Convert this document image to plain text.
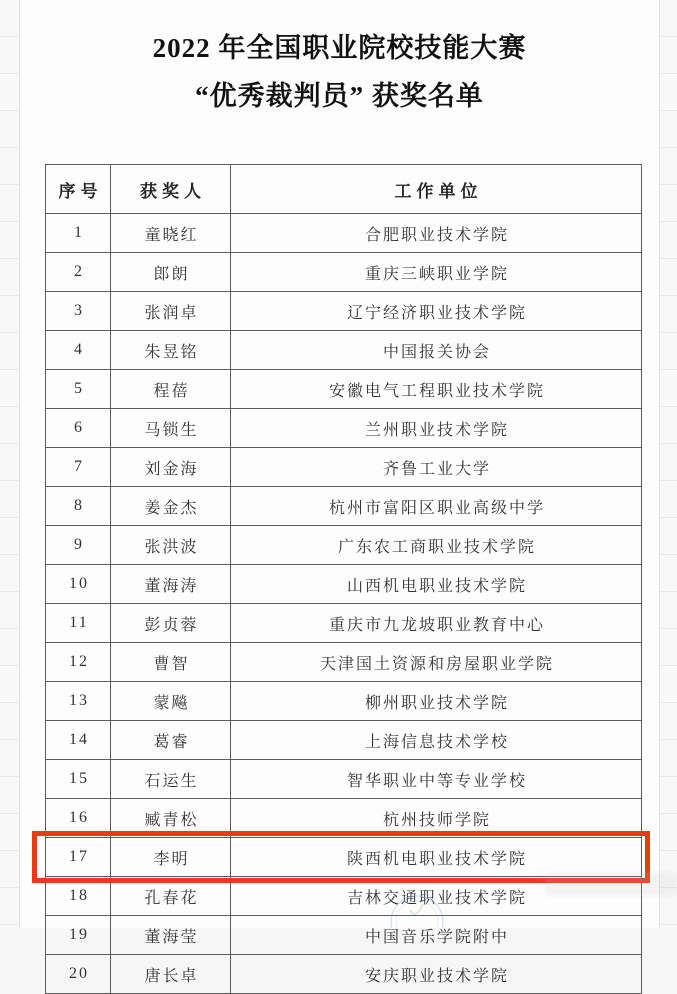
2022 年全国职业院校技能大赛
“优秀裁判员” 获奖名单
序号	获奖人	工作单位
1	童晓红	合肥职业技术学院
2	郎朗	重庆三峡职业学院
3	张润卓	辽宁经济职业技术学院
4	朱昱铭	中国报关协会
5	程蓓	安徽电气工程职业技术学院
6	马锁生	兰州职业技术学院
7	刘金海	齐鲁工业大学
8	姜金杰	杭州市富阳区职业高级中学
9	张洪波	广东农工商职业技术学院
10	董海涛	山西机电职业技术学院
11	彭贞蓉	重庆市九龙坡职业教育中心
12	曹智	天津国土资源和房屋职业学院
13	蒙飚	柳州职业技术学院
14	葛睿	上海信息技术学校
15	石运生	智华职业中等专业学校
16	臧青松	杭州技师学院
17	李明	陕西机电职业技术学院
18	孔春花	吉林交通职业技术学院
19	董海莹	中国音乐学院附中
20	唐长卓	安庆职业技术学院
